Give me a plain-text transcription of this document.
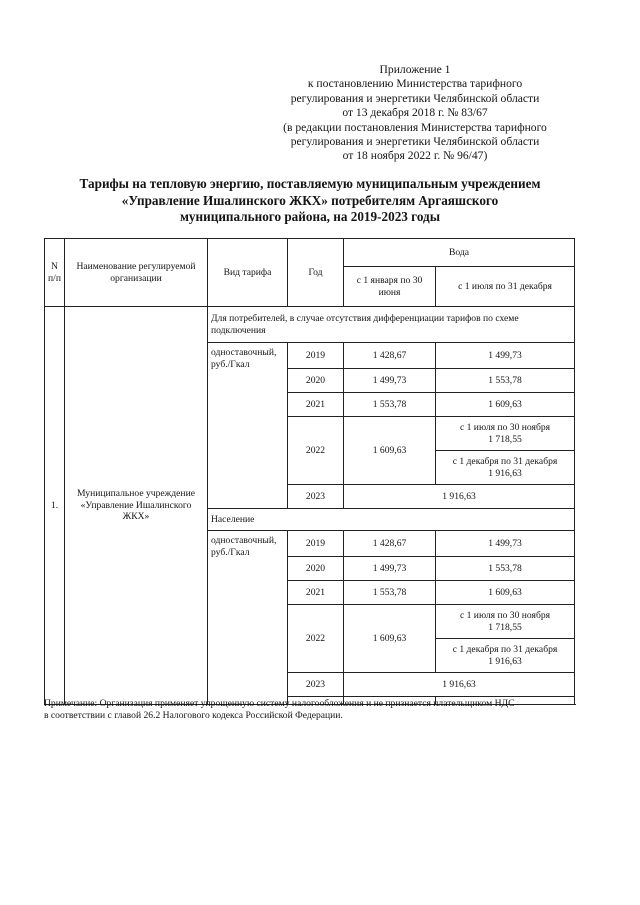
Приложение 1
к постановлению Министерства тарифного
регулирования и энергетики Челябинской области
от 13 декабря 2018 г. № 83/67
(в редакции постановления Министерства тарифного
регулирования и энергетики Челябинской области
от 18 ноября 2022 г. № 96/47)
Тарифы на тепловую энергию, поставляемую муниципальным учреждением
«Управление Ишалинского ЖКХ» потребителям Аргаяшского
муниципального района, на 2019-2023 годы
N п/п	Наименование регулируемой организации	Вид тарифа	Год	Вода	
				с 1 января по 30 июня	с 1 июля по 31 декабря
1.	Муниципальное учреждение «Управление Ишалинского ЖКХ»	Для потребителей, в случае отсутствия дифференциации тарифов по схеме подключения			
		одноставочный, руб./Гкал	2019	1 428,67	1 499,73
			2020	1 499,73	1 553,78
			2021	1 553,78	1 609,63
			2022	1 609,63	с 1 июля по 30 ноября
1 718,55

					с 1 декабря по 31 декабря
1 916,63

			2023	1 916,63	
		Население			
		одноставочный, руб./Гкал	2019	1 428,67	1 499,73
			2020	1 499,73	1 553,78
			2021	1 553,78	1 609,63
			2022	1 609,63	с 1 июля по 30 ноября
1 718,55

					с 1 декабря по 31 декабря
1 916,63

			2023	1 916,63	

Примечание: Организация применяет упрощенную систему налогообложения и не признается плательщиком НДС
в соответствии с главой 26.2 Налогового кодекса Российской Федерации.
